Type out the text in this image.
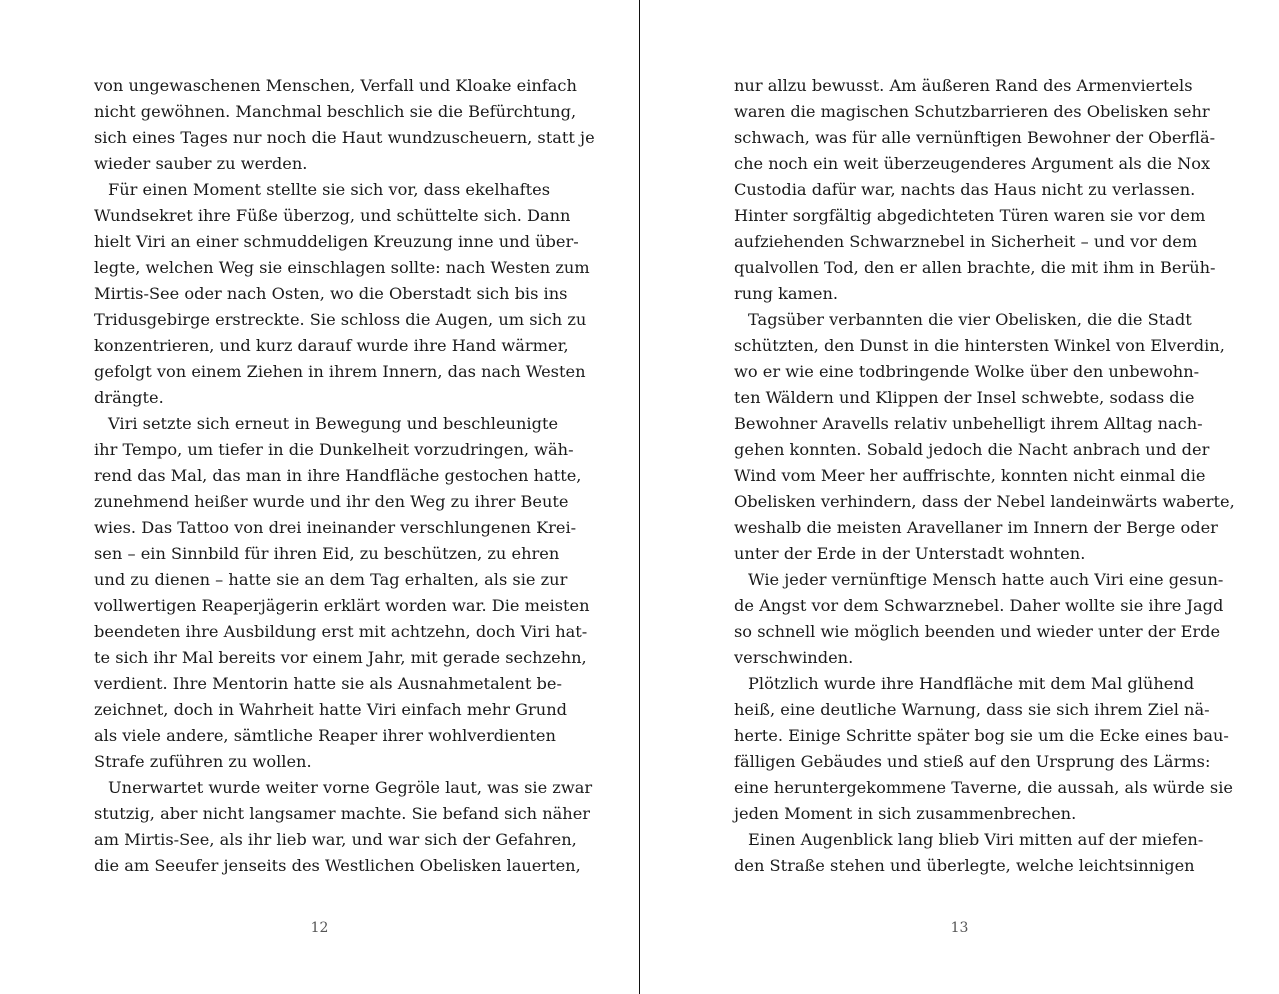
von ungewaschenen Menschen, Verfall und Kloake einfach
nicht gewöhnen. Manchmal beschlich sie die Befürchtung,
sich eines Tages nur noch die Haut wundzuscheuern, statt je
wieder sauber zu werden.
Für einen Moment stellte sie sich vor, dass ekelhaftes
Wundsekret ihre Füße überzog, und schüttelte sich. Dann
hielt Viri an einer schmuddeligen Kreuzung inne und über-
legte, welchen Weg sie einschlagen sollte: nach Westen zum
Mirtis-See oder nach Osten, wo die Oberstadt sich bis ins
Tridusgebirge erstreckte. Sie schloss die Augen, um sich zu
konzentrieren, und kurz darauf wurde ihre Hand wärmer,
gefolgt von einem Ziehen in ihrem Innern, das nach Westen
drängte.
Viri setzte sich erneut in Bewegung und beschleunigte
ihr Tempo, um tiefer in die Dunkelheit vorzudringen, wäh-
rend das Mal, das man in ihre Handfläche gestochen hatte,
zunehmend heißer wurde und ihr den Weg zu ihrer Beute
wies. Das Tattoo von drei ineinander verschlungenen Krei-
sen – ein Sinnbild für ihren Eid, zu beschützen, zu ehren
und zu dienen – hatte sie an dem Tag erhalten, als sie zur
vollwertigen Reaperjägerin erklärt worden war. Die meisten
beendeten ihre Ausbildung erst mit achtzehn, doch Viri hat-
te sich ihr Mal bereits vor einem Jahr, mit gerade sechzehn,
verdient. Ihre Mentorin hatte sie als Ausnahmetalent be-
zeichnet, doch in Wahrheit hatte Viri einfach mehr Grund
als viele andere, sämtliche Reaper ihrer wohlverdienten
Strafe zuführen zu wollen.
Unerwartet wurde weiter vorne Gegröle laut, was sie zwar
stutzig, aber nicht langsamer machte. Sie befand sich näher
am Mirtis-See, als ihr lieb war, und war sich der Gefahren,
die am Seeufer jenseits des Westlichen Obelisken lauerten,
12
nur allzu bewusst. Am äußeren Rand des Armenviertels
waren die magischen Schutzbarrieren des Obelisken sehr
schwach, was für alle vernünftigen Bewohner der Oberflä-
che noch ein weit überzeugenderes Argument als die Nox
Custodia dafür war, nachts das Haus nicht zu verlassen.
Hinter sorgfältig abgedichteten Türen waren sie vor dem
aufziehenden Schwarznebel in Sicherheit – und vor dem
qualvollen Tod, den er allen brachte, die mit ihm in Berüh-
rung kamen.
Tagsüber verbannten die vier Obelisken, die die Stadt
schützten, den Dunst in die hintersten Winkel von Elverdin,
wo er wie eine todbringende Wolke über den unbewohn-
ten Wäldern und Klippen der Insel schwebte, sodass die
Bewohner Aravells relativ unbehelligt ihrem Alltag nach-
gehen konnten. Sobald jedoch die Nacht anbrach und der
Wind vom Meer her auffrischte, konnten nicht einmal die
Obelisken verhindern, dass der Nebel landeinwärts waberte,
weshalb die meisten Aravellaner im Innern der Berge oder
unter der Erde in der Unterstadt wohnten.
Wie jeder vernünftige Mensch hatte auch Viri eine gesun-
de Angst vor dem Schwarznebel. Daher wollte sie ihre Jagd
so schnell wie möglich beenden und wieder unter der Erde
verschwinden.
Plötzlich wurde ihre Handfläche mit dem Mal glühend
heiß, eine deutliche Warnung, dass sie sich ihrem Ziel nä-
herte. Einige Schritte später bog sie um die Ecke eines bau-
fälligen Gebäudes und stieß auf den Ursprung des Lärms:
eine heruntergekommene Taverne, die aussah, als würde sie
jeden Moment in sich zusammenbrechen.
Einen Augenblick lang blieb Viri mitten auf der miefen-
den Straße stehen und überlegte, welche leichtsinnigen
13
